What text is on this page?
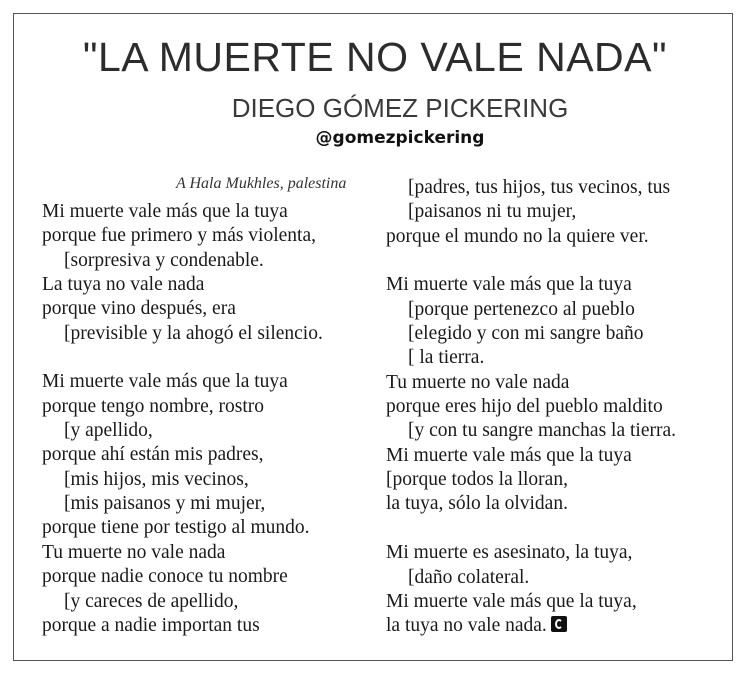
"LA MUERTE NO VALE NADA"
DIEGO GÓMEZ PICKERING
@gomezpickering
A Hala Mukhles, palestina
Mi muerte vale más que la tuya
porque fue primero y más violenta,
[sorpresiva y condenable.
La tuya no vale nada
porque vino después, era
[previsible y la ahogó el silencio.
Mi muerte vale más que la tuya
porque tengo nombre, rostro
[y apellido,
porque ahí están mis padres,
[mis hijos, mis vecinos,
[mis paisanos y mi mujer,
porque tiene por testigo al mundo.
Tu muerte no vale nada
porque nadie conoce tu nombre
[y careces de apellido,
porque a nadie importan tus
[padres, tus hijos, tus vecinos, tus
[paisanos ni tu mujer,
porque el mundo no la quiere ver.
Mi muerte vale más que la tuya
[porque pertenezco al pueblo
[elegido y con mi sangre baño
[ la tierra.
Tu muerte no vale nada
porque eres hijo del pueblo maldito
[y con tu sangre manchas la tierra.
Mi muerte vale más que la tuya
[porque todos la lloran,
la tuya, sólo la olvidan.
Mi muerte es asesinato, la tuya,
[daño colateral.
Mi muerte vale más que la tuya,
la tuya no vale nada.
